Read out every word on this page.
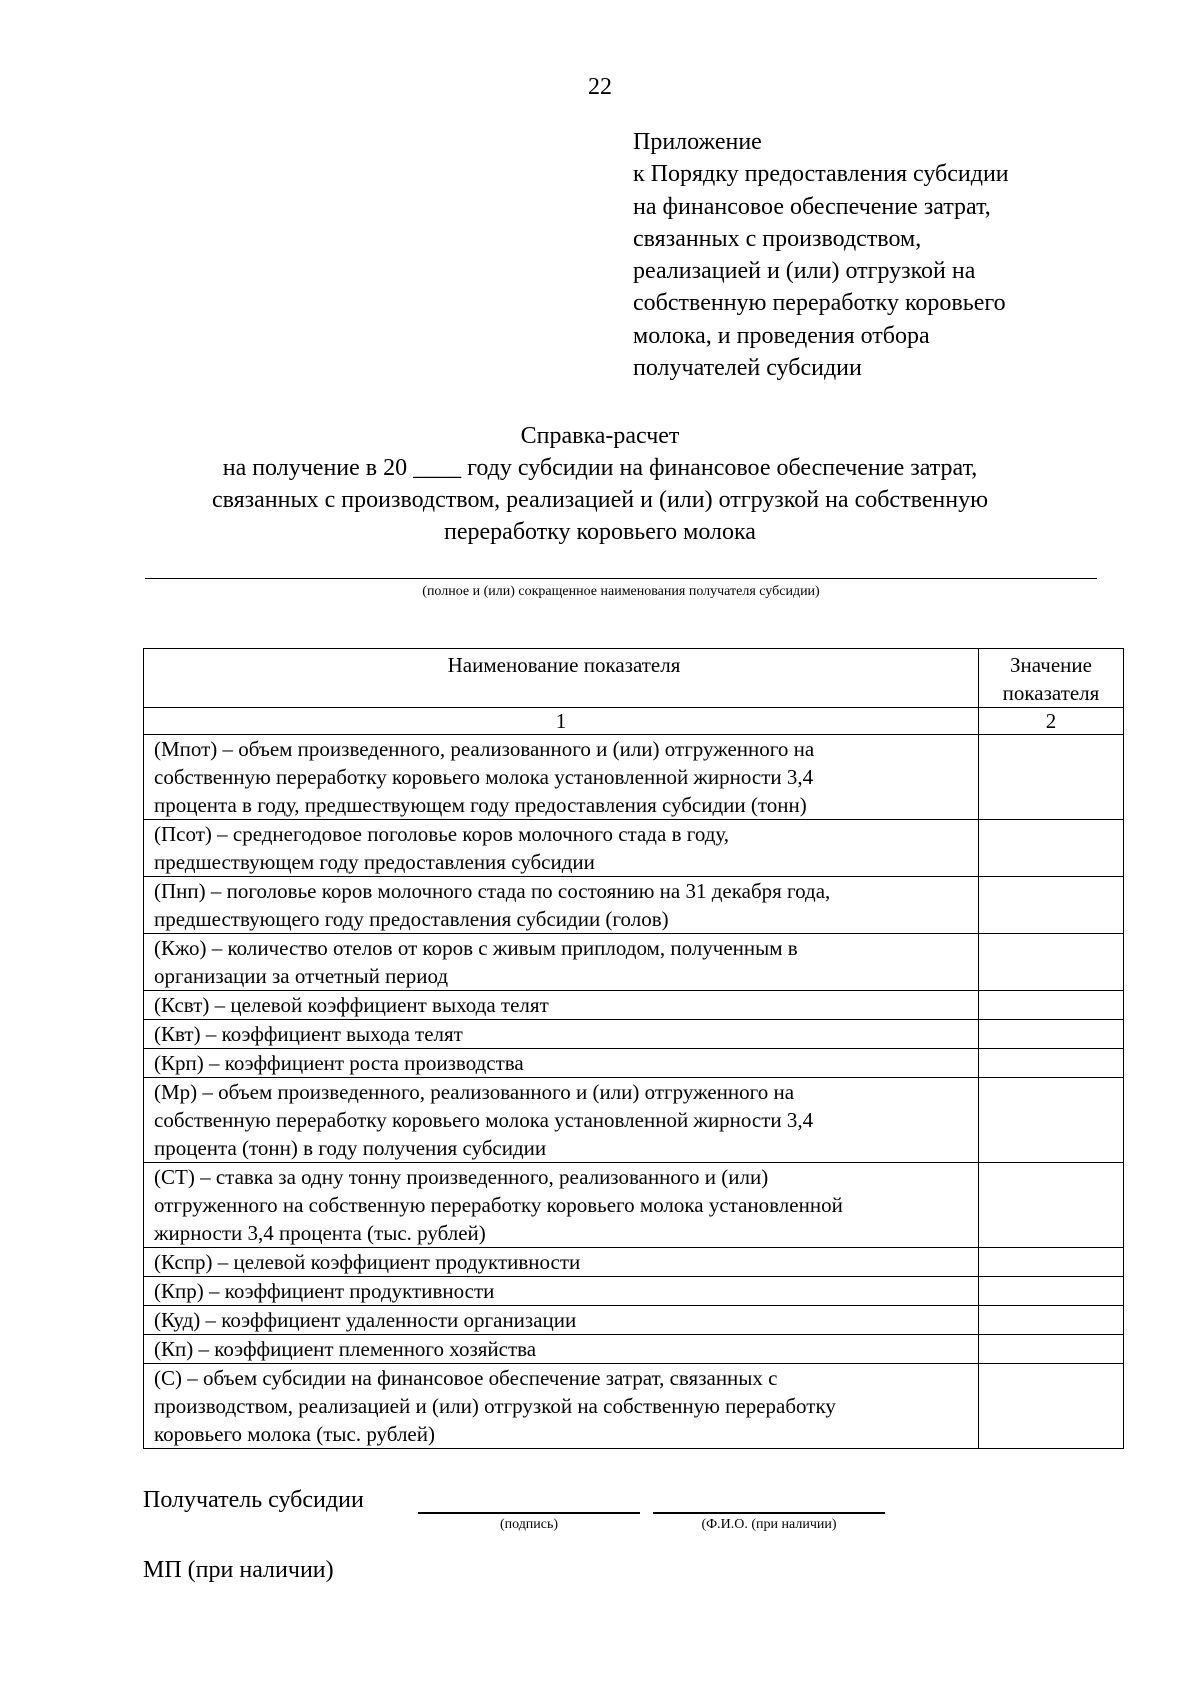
22
Приложение
к Порядку предоставления субсидии
на финансовое обеспечение затрат,
связанных с производством,
реализацией и (или) отгрузкой на
собственную переработку коровьего
молока, и проведения отбора
получателей субсидии
Справка-расчет
на получение в 20 ____ году субсидии на финансовое обеспечение затрат,
связанных с производством, реализацией и (или) отгрузкой на собственную
переработку коровьего молока
(полное и (или) сокращенное наименования получателя субсидии)
Наименование показателя	Значение показателя
1	2

(Мпот) – объем произведенного, реализованного и (или) отгруженного на
собственную переработку коровьего молока установленной жирности 3,4
процента в году, предшествующем году предоставления субсидии (тонн)	

(Псот) – среднегодовое поголовье коров молочного стада в году,
предшествующем году предоставления субсидии	

(Пнп) – поголовье коров молочного стада по состоянию на 31 декабря года,
предшествующего году предоставления субсидии (голов)	

(Кжо) – количество отелов от коров с живым приплодом, полученным в
организации за отчетный период	

(Ксвт) – целевой коэффициент выхода телят	

(Квт) – коэффициент выхода телят	

(Крп) – коэффициент роста производства	

(Мр) – объем произведенного, реализованного и (или) отгруженного на
собственную переработку коровьего молока установленной жирности 3,4
процента (тонн) в году получения субсидии	

(СТ) – ставка за одну тонну произведенного, реализованного и (или)
отгруженного на собственную переработку коровьего молока установленной
жирности 3,4 процента (тыс. рублей)	

(Кспр) – целевой коэффициент продуктивности	

(Кпр) – коэффициент продуктивности	

(Куд) – коэффициент удаленности организации	

(Кп) – коэффициент племенного хозяйства	

(С) – объем субсидии на финансовое обеспечение затрат, связанных с
производством, реализацией и (или) отгрузкой на собственную переработку
коровьего молока (тыс. рублей)	

Получатель субсидии
(подпись)	(Ф.И.О. (при наличии)
МП (при наличии)
